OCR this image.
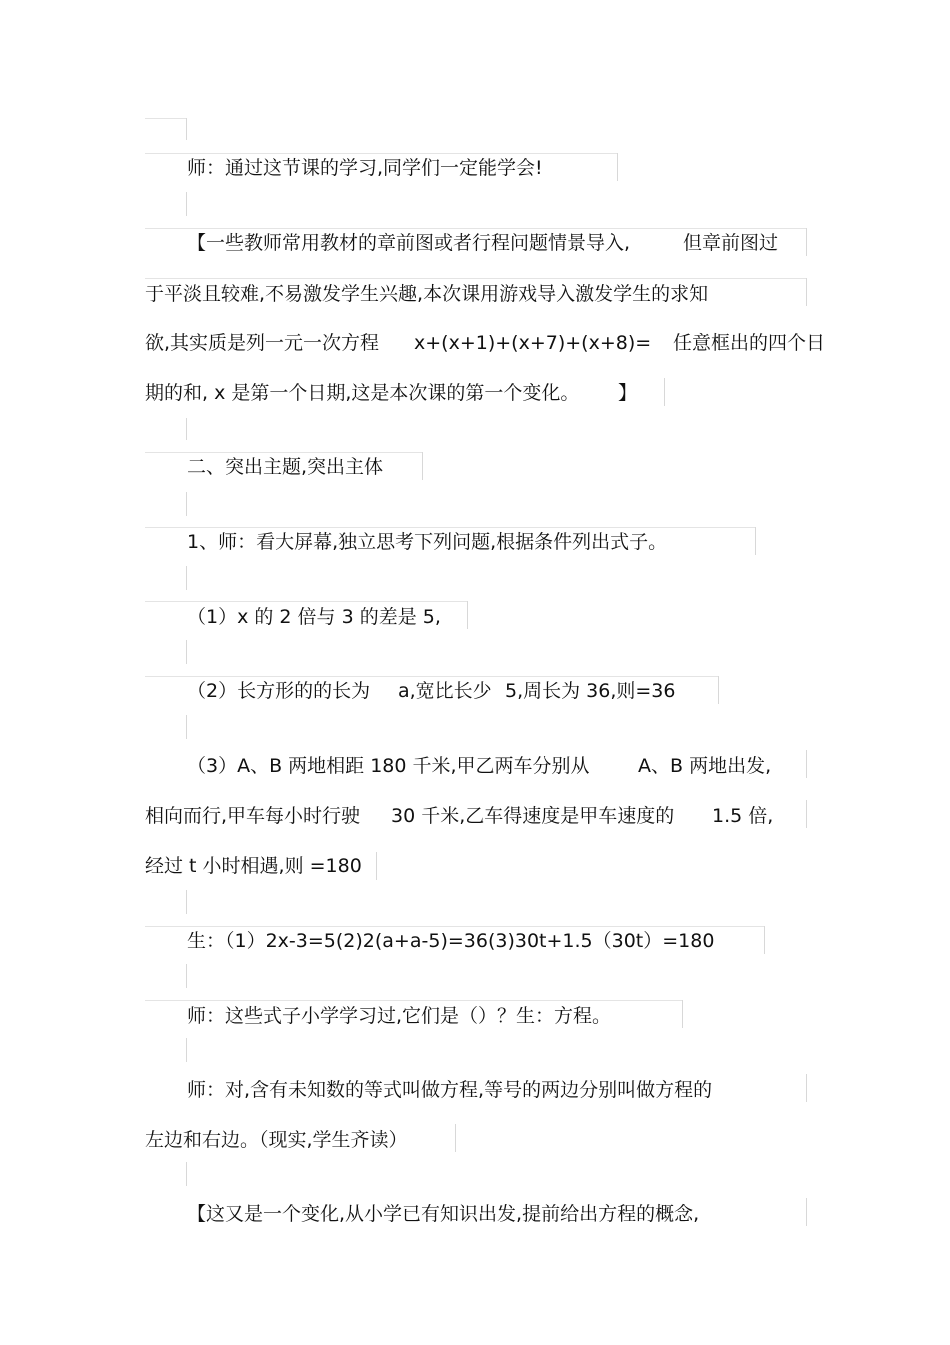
师：通过这节课的学习,同学们一定能学会!
【一些教师常用教材的章前图或者行程问题情景导入,	但章前图过
于平淡且较难,不易激发学生兴趣,本次课用游戏导入激发学生的求知
欲,其实质是列一元一次方程 x+(x+1)+(x+7)+(x+8)= 任意框出的四个日
期的和, x 是第一个日期,这是本次课的第一个变化。 】
二、突出主题,突出主体
1、师：看大屏幕,独立思考下列问题,根据条件列出式子。
（1）x 的 2 倍与 3 的差是 5,
（2）长方形的的长为 a,宽比长少 5,周长为 36,则=36
（3）A、B 两地相距 180 千米,甲乙两车分别从	A、B 两地出发,
相向而行,甲车每小时行驶 30 千米,乙车得速度是甲车速度的 1.5 倍,
经过 t 小时相遇,则 =180
生：（1）2x-3=5(2)2(a+a-5)=36(3)30t+1.5（30t）=180
师：这些式子小学学习过,它们是（）？生：方程。
师：对,含有未知数的等式叫做方程,等号的两边分别叫做方程的
左边和右边。（现实,学生齐读）
【这又是一个变化,从小学已有知识出发,提前给出方程的概念,
